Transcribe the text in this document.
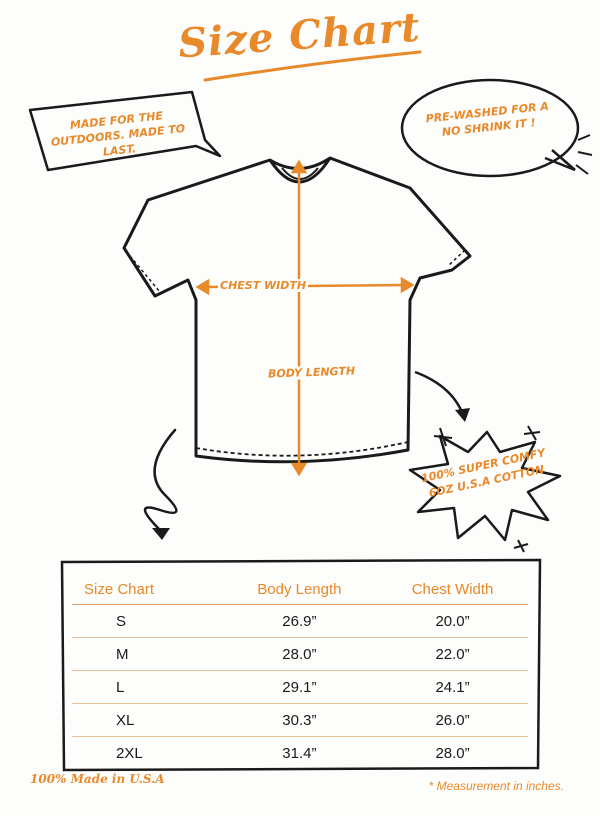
Size Chart
MADE FOR THE OUTDOORS. MADE TO LAST.
PRE-WASHED FOR A NO SHRINK IT !
100% SUPER COMFY 6OZ U.S.A COTTON
CHEST WIDTH
BODY LENGTH
Size Chart	Body Length	Chest Width
S	26.9”	20.0”
M	28.0”	22.0”
L	29.1”	24.1”
XL	30.3”	26.0”
2XL	31.4”	28.0”
100% Made in U.S.A	* Measurement in inches.
